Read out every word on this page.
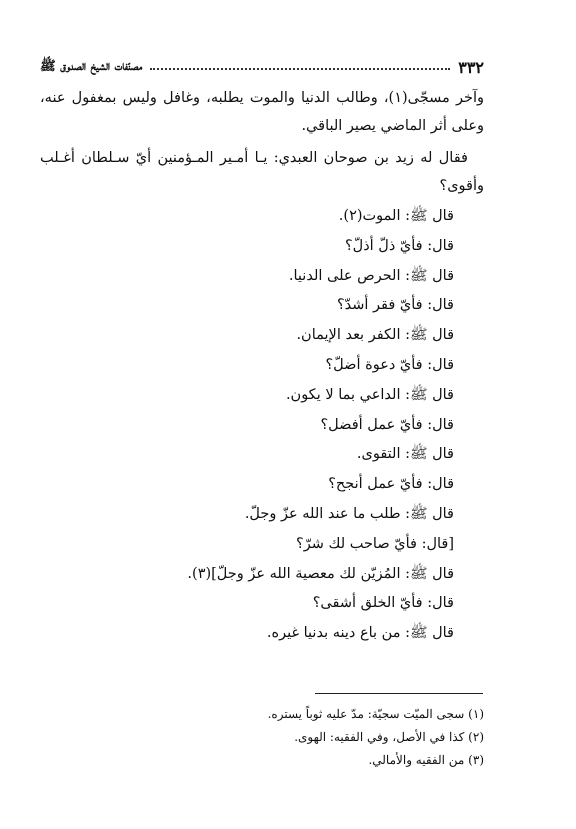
٣٣٢
مصنّفات الشيخ الصدوق ﷺ

وآخر مسجّى(١)، وطالب الدنيا والموت يطلبه، وغافل وليس بمغفول عنه، وعلى أثر الماضي يصير الباقي.

فقال له زيد بن صوحان العبدي: يـا أمـير المـؤمنين أيّ سـلطان أغـلب وأقوى؟

قال ﷺ: الموت(٢).
قال: فأيّ ذلّ أذلّ؟
قال ﷺ: الحرص على الدنيا.
قال: فأيّ فقر أشدّ؟
قال ﷺ: الكفر بعد الإيمان.
قال: فأيّ دعوة أضلّ؟
قال ﷺ: الداعي بما لا يكون.
قال: فأيّ عمل أفضل؟
قال ﷺ: التقوى.
قال: فأيّ عمل أنجح؟
قال ﷺ: طلب ما عند الله عزّ وجلّ.
[قال: فأيّ صاحب لك شرّ؟
قال ﷺ: المُزيّن لك معصية الله عزّ وجلّ](٣).
قال: فأيّ الخلق أشقى؟
قال ﷺ: من باع دينه بدنيا غيره.
(١) سجى الميّت سجيّة: مدّ عليه ثوباً يستره.
(٢) كذا في الأصل، وفي الفقيه: الهوى.
(٣) من الفقيه والأمالي.
